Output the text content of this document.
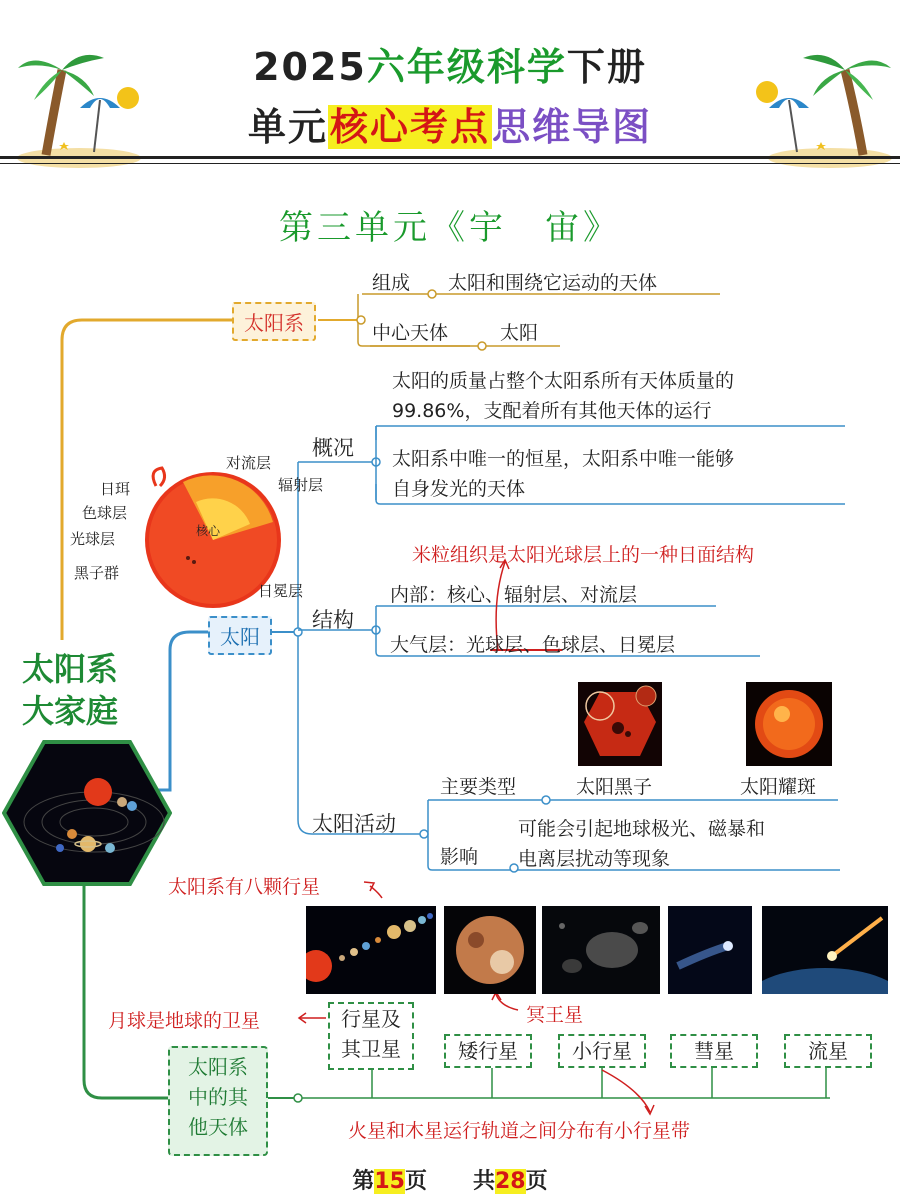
2025六年级科学下册
单元核心考点思维导图
第三单元《宇　宙》
太阳系
大家庭
太阳系
组成 太阳和围绕它运动的天体
中心天体	太阳
日珥
色球层
光球层
黑子群
对流层
辐射层
核心
日冕层
太阳
概况
太阳的质量占整个太阳系所有天体质量的
99.86%，支配着所有其他天体的运行
太阳系中唯一的恒星，太阳系中唯一能够
自身发光的天体
结构
米粒组织是太阳光球层上的一种日面结构
内部：核心、辐射层、对流层
大气层：光球层、色球层、日冕层
太阳活动
主要类型	太阳黑子	太阳耀斑
影响
可能会引起地球极光、磁暴和
电离层扰动等现象
太阳系
中的其
他天体
太阳系有八颗行星
冥王星
月球是地球的卫星
火星和木星运行轨道之间分布有小行星带
行星及
其卫星	矮行星	小行星	彗星	流星
第15页 共28页
